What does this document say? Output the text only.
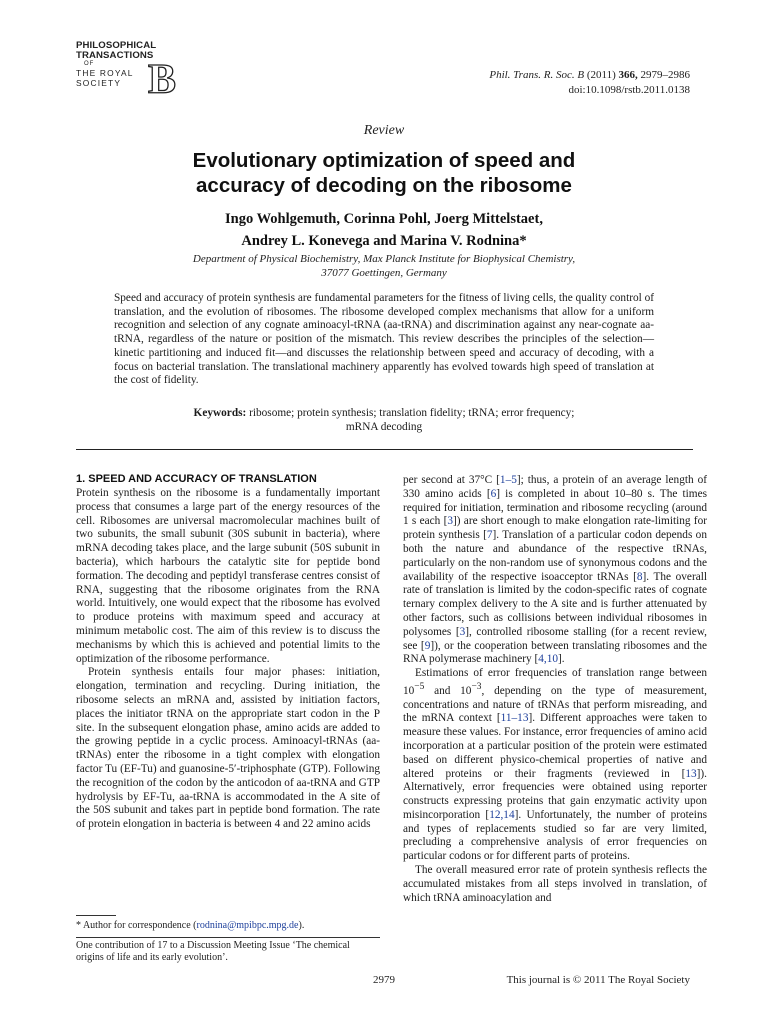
PHILOSOPHICAL
TRANSACTIONS
OF
THE ROYAL
SOCIETY B	Phil. Trans. R. Soc. B (2011) 366, 2979–2986
doi:10.1098/rstb.2011.0138
Review
Evolutionary optimization of speed and
accuracy of decoding on the ribosome
Ingo Wohlgemuth, Corinna Pohl, Joerg Mittelstaet,
Andrey L. Konevega and Marina V. Rodnina*
Department of Physical Biochemistry, Max Planck Institute for Biophysical Chemistry,
37077 Goettingen, Germany
Speed and accuracy of protein synthesis are fundamental parameters for the fitness of living cells, the quality control of translation, and the evolution of ribosomes. The ribosome developed complex mechanisms that allow for a uniform recognition and selection of any cognate aminoacyl-tRNA (aa-tRNA) and discrimination against any near-cognate aa-tRNA, regardless of the nature or position of the mismatch. This review describes the principles of the selection—kinetic partitioning and induced fit—and discusses the relationship between speed and accuracy of decoding, with a focus on bacterial translation. The translational machinery apparently has evolved towards high speed of translation at the cost of fidelity.
Keywords: ribosome; protein synthesis; translation fidelity; tRNA; error frequency;
mRNA decoding
1. SPEED AND ACCURACY OF TRANSLATION

Protein synthesis on the ribosome is a fundamentally important process that consumes a large part of the energy resources of the cell. Ribosomes are universal macromolecular machines built of two subunits, the small subunit (30S subunit in bacteria), where mRNA decoding takes place, and the large subunit (50S subunit in bacteria), which harbours the catalytic site for peptide bond formation. The decoding and peptidyl transferase centres consist of RNA, suggesting that the ribosome originates from the RNA world. Intuitively, one would expect that the ribosome has evolved to produce proteins with maximum speed and accuracy at minimum metabolic cost. The aim of this review is to discuss the mechanisms by which this is achieved and potential limits to the optimization of the ribosome performance.

Protein synthesis entails four major phases: initiation, elongation, termination and recycling. During initiation, the ribosome selects an mRNA and, assisted by initiation factors, places the initiator tRNA on the appropriate start codon in the P site. In the subsequent elongation phase, amino acids are added to the growing peptide in a cyclic process. Aminoacyl-tRNAs (aa-tRNAs) enter the ribosome in a tight complex with elongation factor Tu (EF-Tu) and guanosine-5′-triphosphate (GTP). Following the recognition of the codon by the anticodon of aa-tRNA and GTP hydrolysis by EF-Tu, aa-tRNA is accommodated in the A site of the 50S subunit and takes part in peptide bond formation. The rate of protein elongation in bacteria is between 4 and 22 amino acids

per second at 37°C [1–5]; thus, a protein of an average length of 330 amino acids [6] is completed in about 10–80 s. The times required for initiation, termination and ribosome recycling (around 1 s each [3]) are short enough to make elongation rate-limiting for protein synthesis [7]. Translation of a particular codon depends on both the nature and abundance of the respective tRNAs, particularly on the non-random use of synonymous codons and the availability of the respective isoacceptor tRNAs [8]. The overall rate of translation is limited by the codon-specific rates of cognate ternary complex delivery to the A site and is further attenuated by other factors, such as collisions between individual ribosomes in polysomes [3], controlled ribosome stalling (for a recent review, see [9]), or the cooperation between translating ribosomes and the RNA polymerase machinery [4,10].

Estimations of error frequencies of translation range between $10^{-5}$ and $10^{-3}$, depending on the type of measurement, concentrations and nature of tRNAs that perform misreading, and the mRNA context [11–13]. Different approaches were taken to measure these values. For instance, error frequencies of amino acid incorporation at a particular position of the protein were estimated based on different physico-chemical properties of native and altered proteins or their fragments (reviewed in [13]). Alternatively, error frequencies were obtained using reporter constructs expressing proteins that gain enzymatic activity upon misincorporation [12,14]. Unfortunately, the number of proteins and types of replacements studied so far are very limited, precluding a comprehensive analysis of error frequencies on particular codons or for different parts of proteins.

The overall measured error rate of protein synthesis reflects the accumulated mistakes from all steps involved in translation, of which tRNA aminoacylation and

* Author for correspondence (rodnina@mpibpc.mpg.de).
One contribution of 17 to a Discussion Meeting Issue ‘The chemical origins of life and its early evolution’.
2979	This journal is © 2011 The Royal Society
